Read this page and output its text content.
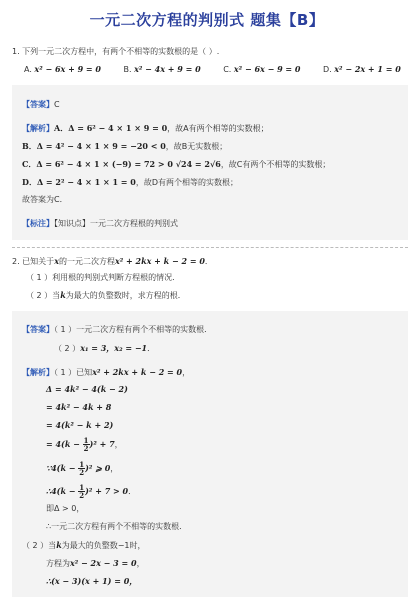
一元二次方程的判别式 题集【B】
1. 下列一元二次方程中，有两个不相等的实数根的是（ ）.
A. x² − 6x + 9 = 0	B. x² − 4x + 9 = 0	C. x² − 6x − 9 = 0	D. x² − 2x + 1 = 0
【答案】C
【解析】A．Δ = 6² − 4 × 1 × 9 = 0，故A有两个相等的实数根；
B．Δ = 4² − 4 × 1 × 9 = −20 < 0，故B无实数根；
C．Δ = 6² − 4 × 1 × (−9) = 72 > 0 √24 = 2√6，故C有两个不相等的实数根；
D．Δ = 2² − 4 × 1 × 1 = 0，故D有两个相等的实数根；
故答案为C．
【标注】【知识点】一元二次方程根的判别式
2. 已知关于x的一元二次方程x² + 2kx + k − 2 = 0．
（ 1 ）利用根的判别式判断方程根的情况．
（ 2 ）当k为最大的负整数时，求方程的根．
【答案】（ 1 ）一元二次方程有两个不相等的实数根．
（ 2 ）x₁ = 3，x₂ = −1．
【解析】（ 1 ）已知x² + 2kx + k − 2 = 0，
Δ = 4k² − 4(k − 2)
= 4k² − 4k + 8
= 4(k² − k + 2)
= $4(k - \frac{1}{2} )^2 + 7$，
∵4(k − $\frac{1}{2} )^2$ ⩾ 0，
∴4(k − $\frac{1}{2} )^2 + 7 > 0$．
即Δ > 0，
∴一元二次方程有两个不相等的实数根．
（ 2 ）当k为最大的负整数−1时，
方程为x² − 2x − 3 = 0，
∴(x − 3)(x + 1) = 0，
